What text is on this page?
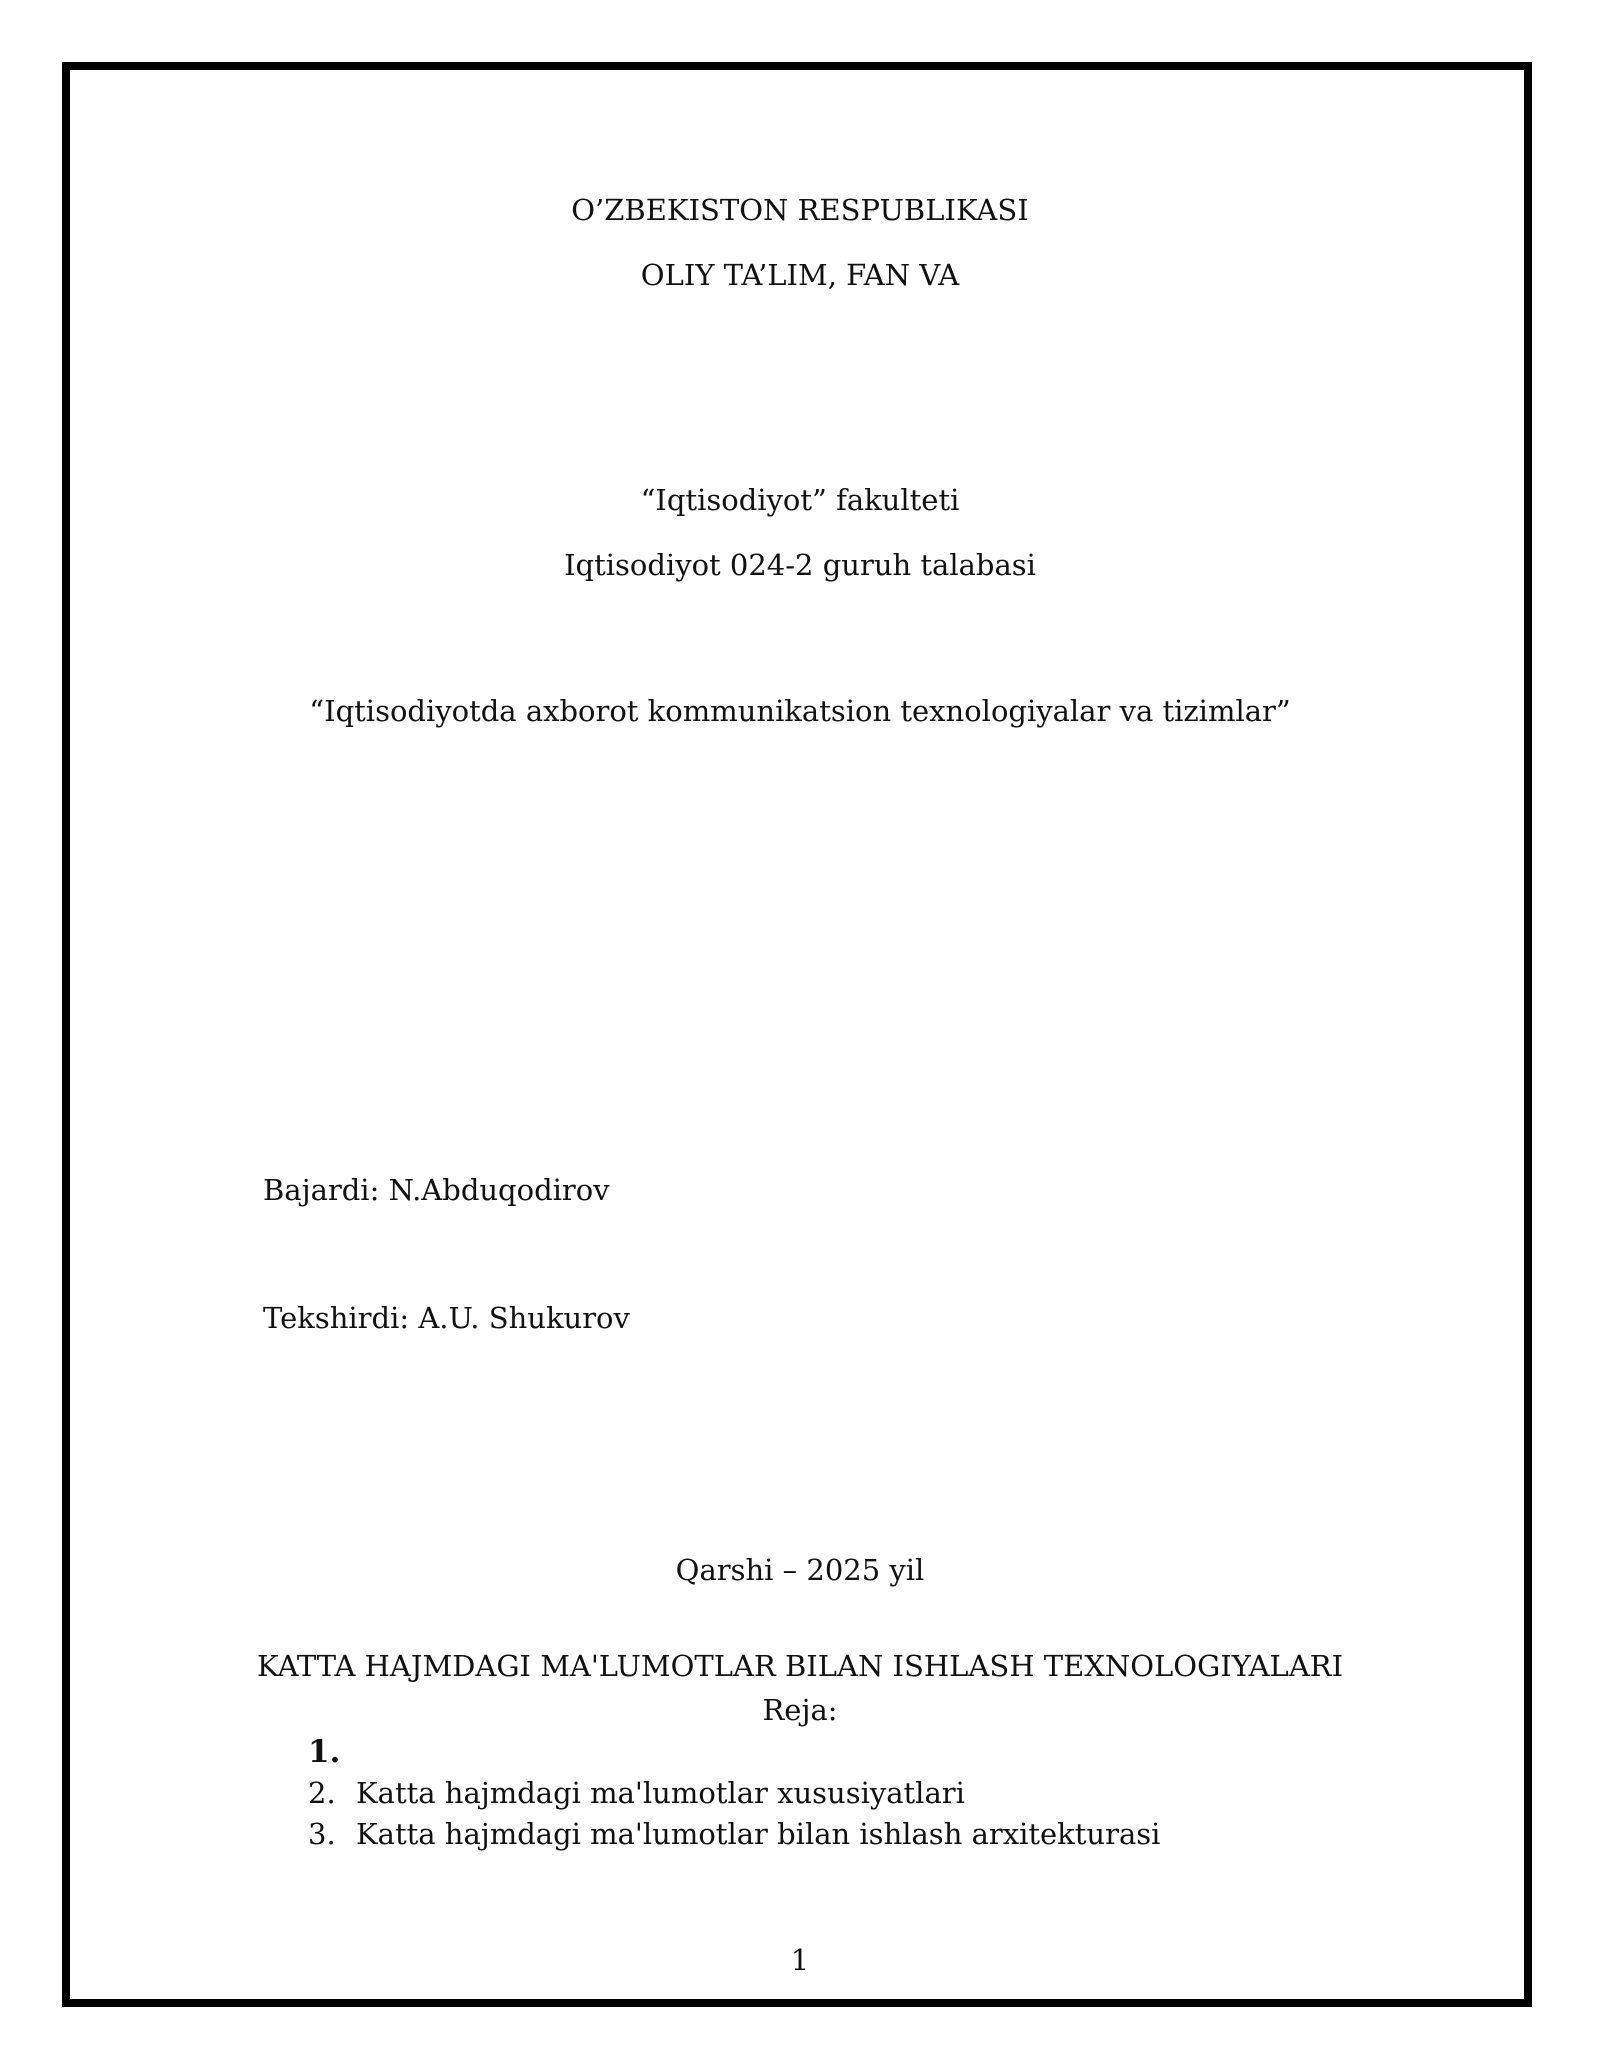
O’ZBEKISTON RESPUBLIKASI
OLIY TA’LIM, FAN VA
“Iqtisodiyot” fakulteti
Iqtisodiyot 024-2 guruh talabasi
“Iqtisodiyotda axborot kommunikatsion texnologiyalar va tizimlar”
Bajardi: N.Abduqodirov
Tekshirdi: A.U. Shukurov
Qarshi – 2025 yil
KATTA HAJMDAGI MA'LUMOTLAR BILAN ISHLASH TEXNOLOGIYALARI
Reja:
1.
2. Katta hajmdagi ma'lumotlar xususiyatlari
3. Katta hajmdagi ma'lumotlar bilan ishlash arxitekturasi
1
